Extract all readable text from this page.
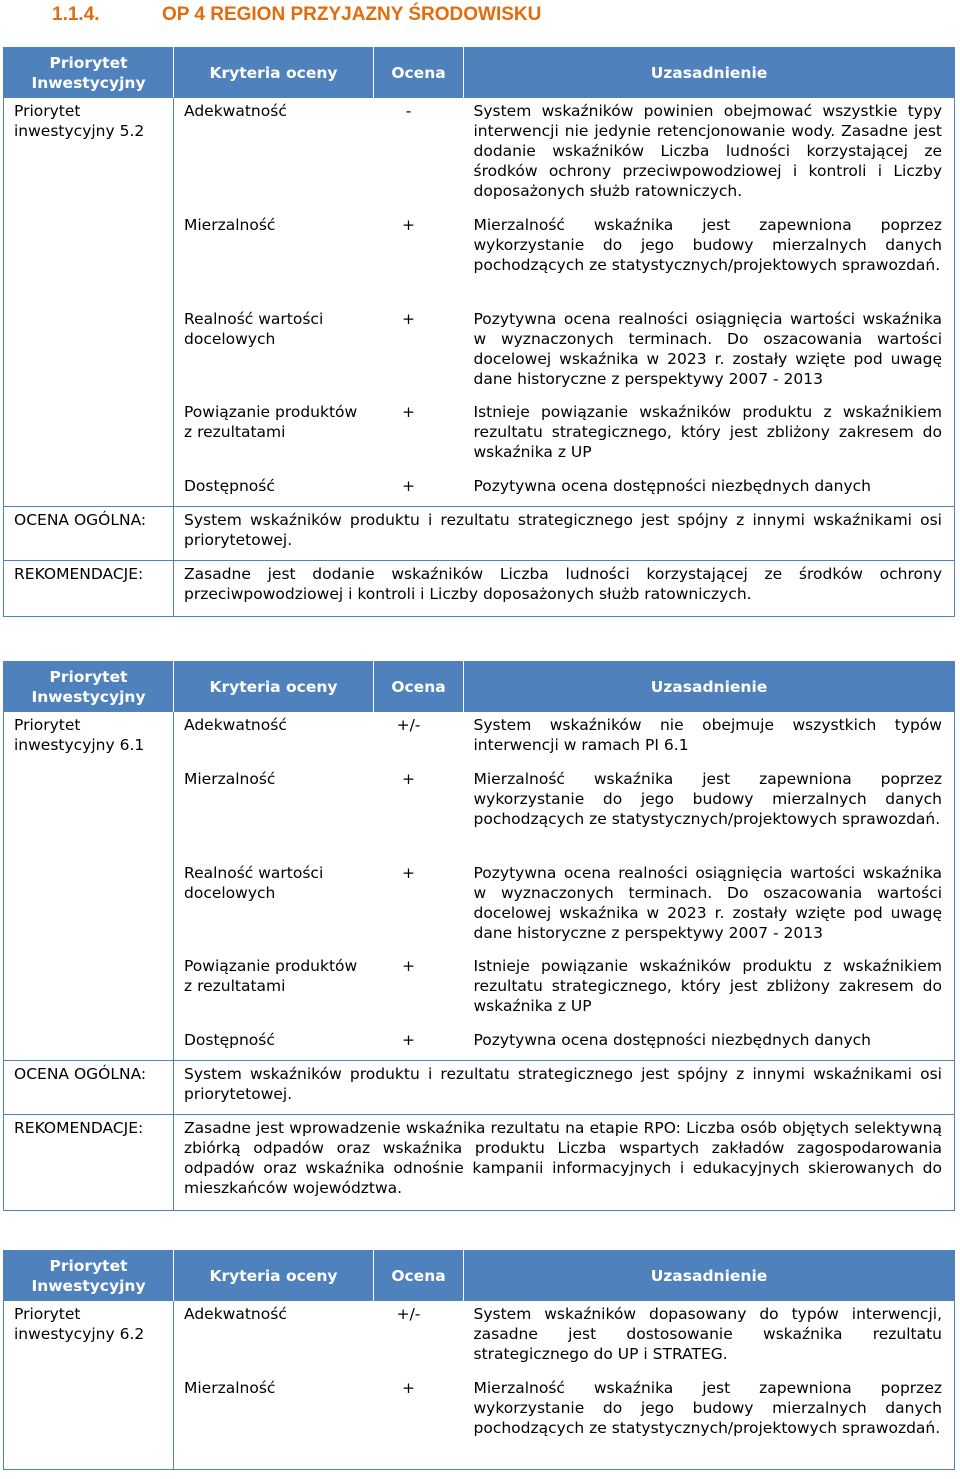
1.1.4.	OP 4 REGION PRZYJAZNY ŚRODOWISKU
Priorytet Inwestycyjny	Kryteria oceny	Ocena	Uzasadnienie
Priorytet inwestycyjny 5.2	Adekwatność	-	System wskaźników powinien obejmować wszystkie typy interwencji nie jedynie retencjonowanie wody. Zasadne jest dodanie wskaźników Liczba ludności korzystającej ze środków ochrony przeciwpowodziowej i kontroli i Liczby doposażonych służb ratowniczych.
	Mierzalność	+	Mierzalność wskaźnika jest zapewniona poprzez wykorzystanie do jego budowy mierzalnych danych pochodzących ze statystycznych/projektowych sprawozdań.
	Realność wartości docelowych	+	Pozytywna ocena realności osiągnięcia wartości wskaźnika w wyznaczonych terminach. Do oszacowania wartości docelowej wskaźnika w 2023 r. zostały wzięte pod uwagę dane historyczne z perspektywy 2007 - 2013
	Powiązanie produktów z rezultatami	+	Istnieje powiązanie wskaźników produktu z wskaźnikiem rezultatu strategicznego, który jest zbliżony zakresem do wskaźnika z UP
	Dostępność	+	Pozytywna ocena dostępności niezbędnych danych
OCENA OGÓLNA:	System wskaźników produktu i rezultatu strategicznego jest spójny z innymi wskaźnikami osi priorytetowej.		
REKOMENDACJE:	Zasadne jest dodanie wskaźników Liczba ludności korzystającej ze środków ochrony przeciwpowodziowej i kontroli i Liczby doposażonych służb ratowniczych.		
Priorytet Inwestycyjny	Kryteria oceny	Ocena	Uzasadnienie
Priorytet inwestycyjny 6.1	Adekwatność	+/-	System wskaźników nie obejmuje wszystkich typów interwencji w ramach PI 6.1
	Mierzalność	+	Mierzalność wskaźnika jest zapewniona poprzez wykorzystanie do jego budowy mierzalnych danych pochodzących ze statystycznych/projektowych sprawozdań.
	Realność wartości docelowych	+	Pozytywna ocena realności osiągnięcia wartości wskaźnika w wyznaczonych terminach. Do oszacowania wartości docelowej wskaźnika w 2023 r. zostały wzięte pod uwagę dane historyczne z perspektywy 2007 - 2013
	Powiązanie produktów z rezultatami	+	Istnieje powiązanie wskaźników produktu z wskaźnikiem rezultatu strategicznego, który jest zbliżony zakresem do wskaźnika z UP
	Dostępność	+	Pozytywna ocena dostępności niezbędnych danych
OCENA OGÓLNA:	System wskaźników produktu i rezultatu strategicznego jest spójny z innymi wskaźnikami osi priorytetowej.		
REKOMENDACJE:	Zasadne jest wprowadzenie wskaźnika rezultatu na etapie RPO: Liczba osób objętych selektywną zbiórką odpadów oraz wskaźnika produktu Liczba wspartych zakładów zagospodarowania odpadów oraz wskaźnika odnośnie kampanii informacyjnych i edukacyjnych skierowanych do mieszkańców województwa.		
Priorytet Inwestycyjny	Kryteria oceny	Ocena	Uzasadnienie
Priorytet inwestycyjny 6.2	Adekwatność	+/-	System wskaźników dopasowany do typów interwencji, zasadne jest dostosowanie wskaźnika rezultatu strategicznego do UP i STRATEG.
	Mierzalność	+	Mierzalność wskaźnika jest zapewniona poprzez wykorzystanie do jego budowy mierzalnych danych pochodzących ze statystycznych/projektowych sprawozdań.
